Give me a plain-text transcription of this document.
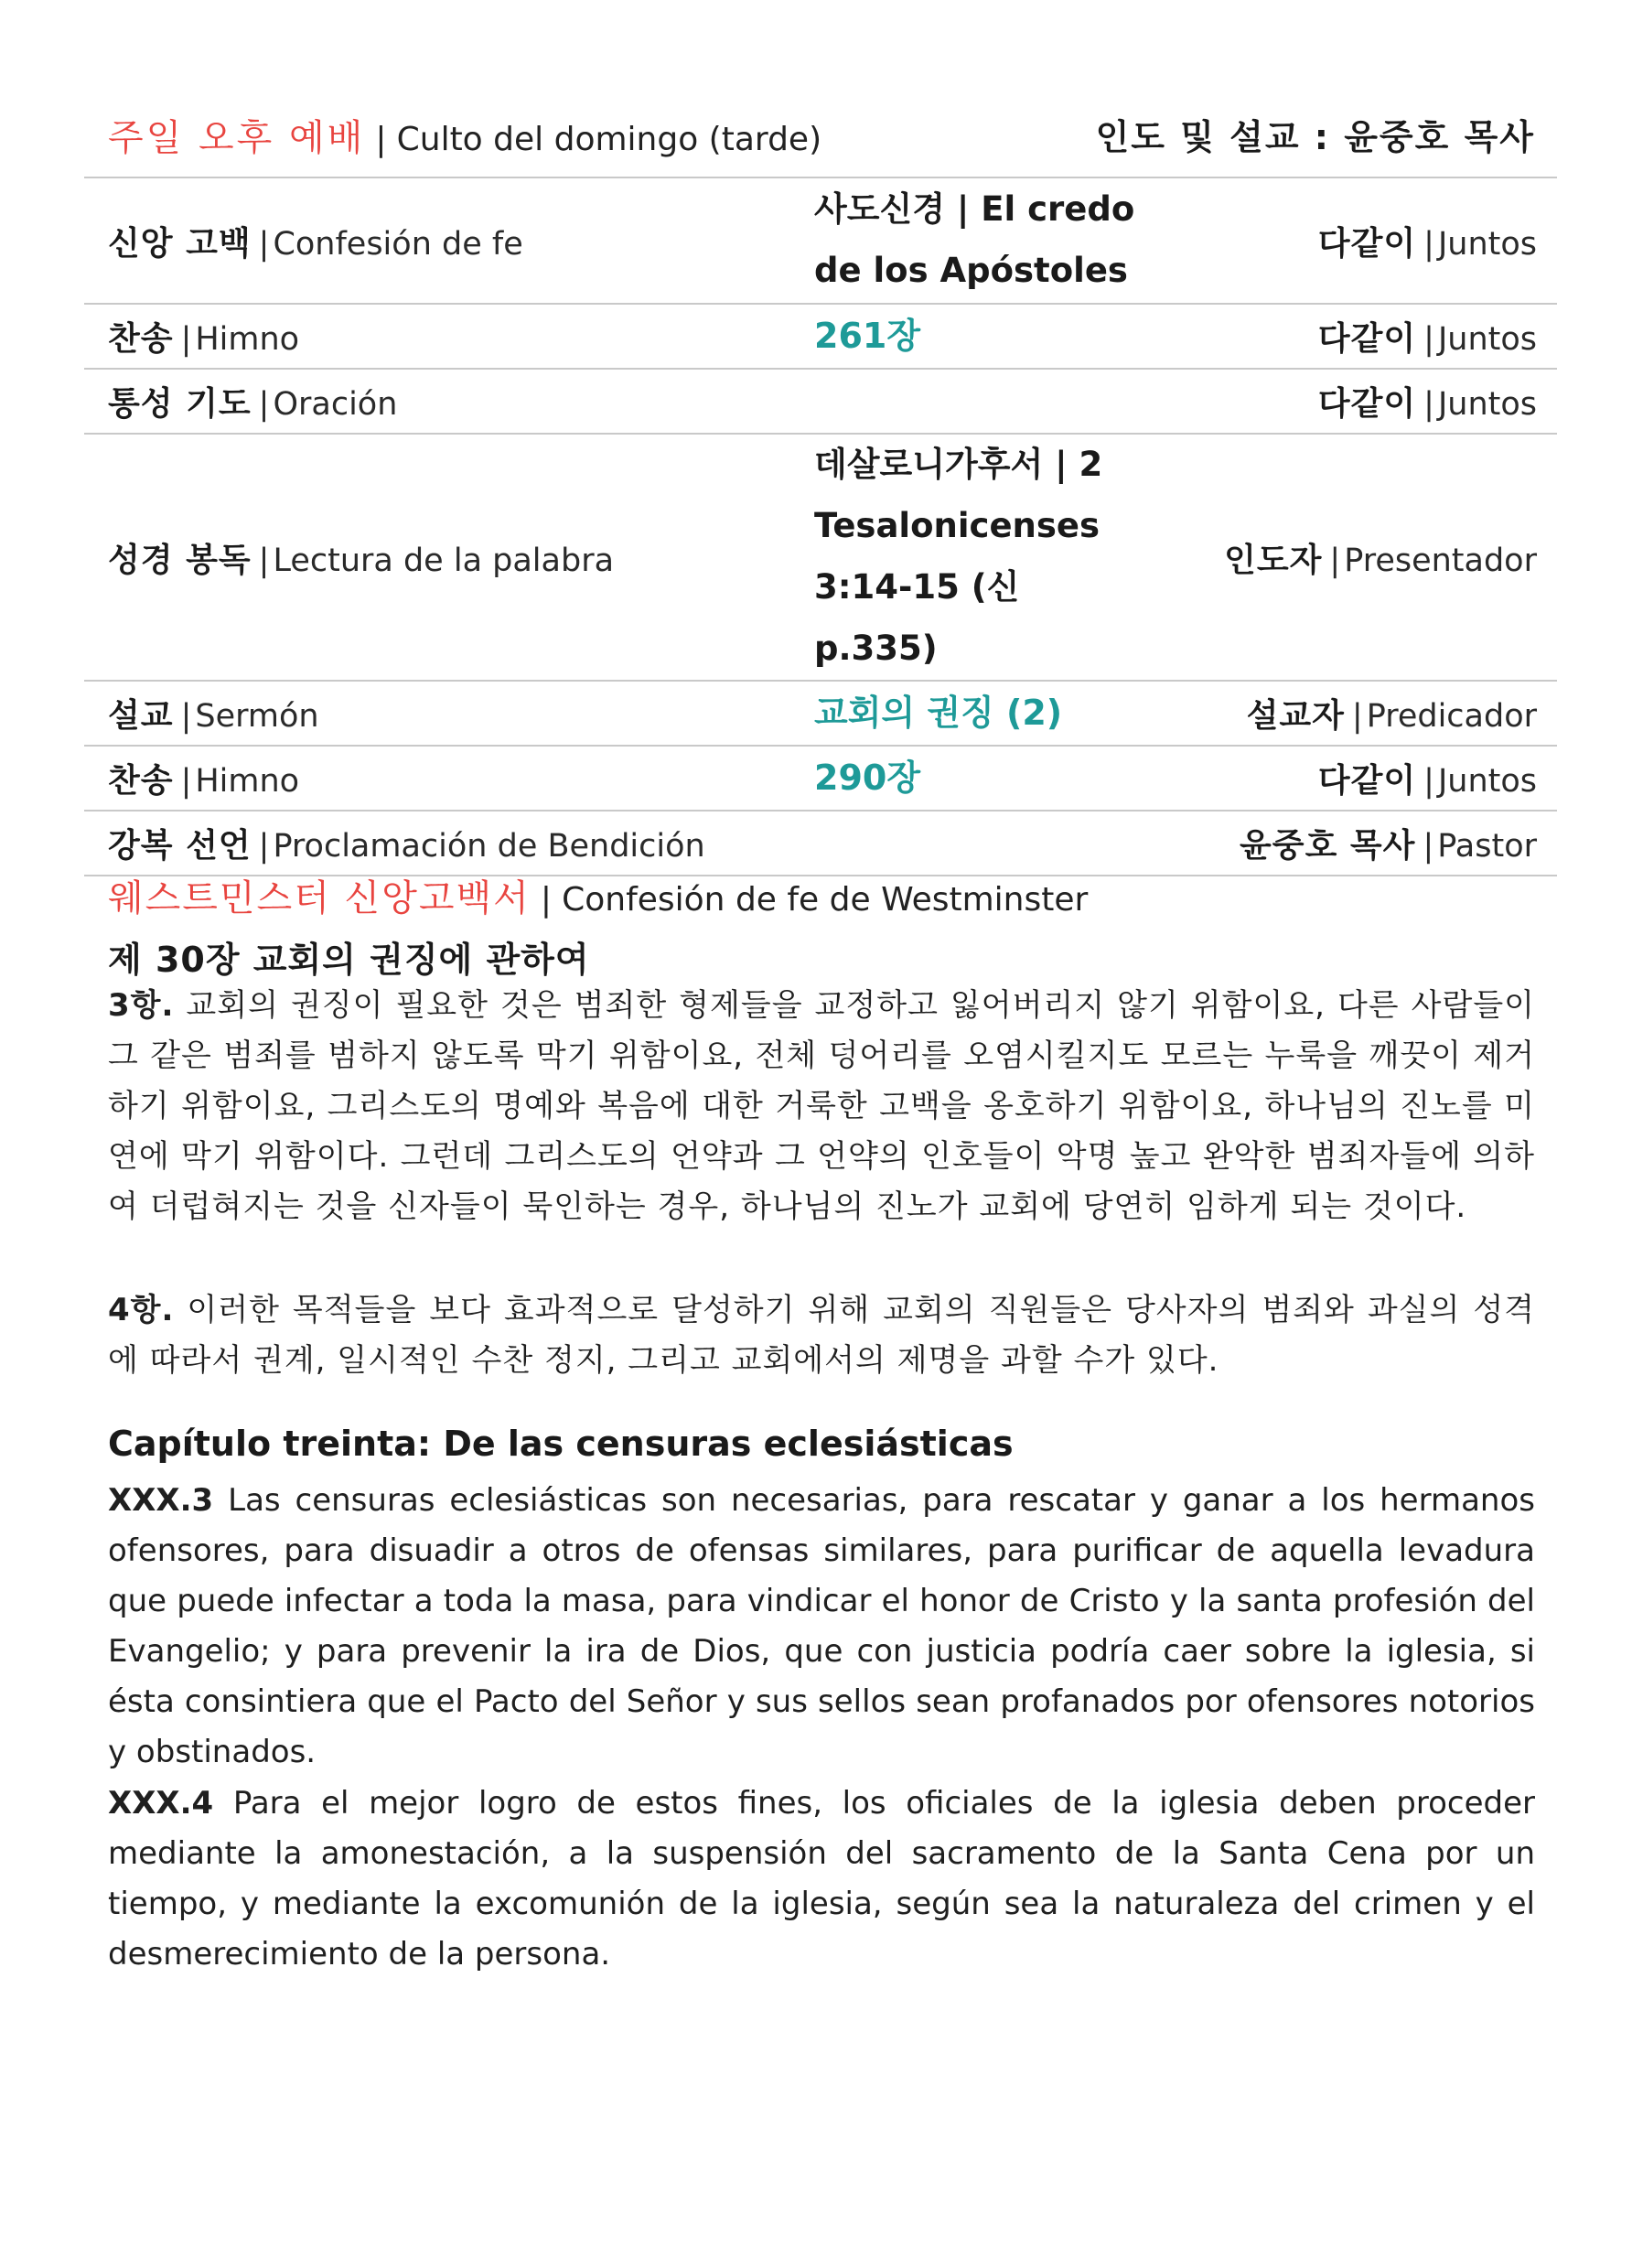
주일 오후 예배 | Culto del domingo (tarde)	인도 및 설교 : 윤중호 목사
신앙 고백 | Confesión de fe	사도신경 | El credo de los Apóstoles	다같이 | Juntos
찬송 | Himno	261장	다같이 | Juntos
통성 기도 | Oración		다같이 | Juntos
성경 봉독 | Lectura de la palabra	데살로니가후서 | 2 Tesalonicenses 3:14-15 (신 p.335)	인도자 | Presentador
설교 | Sermón	교회의 권징 (2)	설교자 | Predicador
찬송 | Himno	290장	다같이 | Juntos
강복 선언 | Proclamación de Bendición		윤중호 목사 | Pastor
웨스트민스터 신앙고백서 | Confesión de fe de Westminster
제 30장 교회의 권징에 관하여

3항. 교회의 권징이 필요한 것은 범죄한 형제들을 교정하고 잃어버리지 않기 위함이요, 다른 사람들이 그 같은 범죄를 범하지 않도록 막기 위함이요, 전체 덩어리를 오염시킬지도 모르는 누룩을 깨끗이 제거하기 위함이요, 그리스도의 명예와 복음에 대한 거룩한 고백을 옹호하기 위함이요, 하나님의 진노를 미연에 막기 위함이다. 그런데 그리스도의 언약과 그 언약의 인호들이 악명 높고 완악한 범죄자들에 의하여 더럽혀지는 것을 신자들이 묵인하는 경우, 하나님의 진노가 교회에 당연히 임하게 되는 것이다.

4항. 이러한 목적들을 보다 효과적으로 달성하기 위해 교회의 직원들은 당사자의 범죄와 과실의 성격에 따라서 권계, 일시적인 수찬 정지, 그리고 교회에서의 제명을 과할 수가 있다.

Capítulo treinta: De las censuras eclesiásticas

XXX.3 Las censuras eclesiásticas son necesarias, para rescatar y ganar a los hermanos ofensores, para disuadir a otros de ofensas similares, para purificar de aquella levadura que puede infectar a toda la masa, para vindicar el honor de Cristo y la santa profesión del Evangelio; y para prevenir la ira de Dios, que con justicia podría caer sobre la iglesia, si ésta consintiera que el Pacto del Señor y sus sellos sean profanados por ofensores notorios y obstinados.

XXX.4 Para el mejor logro de estos fines, los oficiales de la iglesia deben proceder mediante la amonestación, a la suspensión del sacramento de la Santa Cena por un tiempo, y mediante la excomunión de la iglesia, según sea la naturaleza del crimen y el desmerecimiento de la persona.
